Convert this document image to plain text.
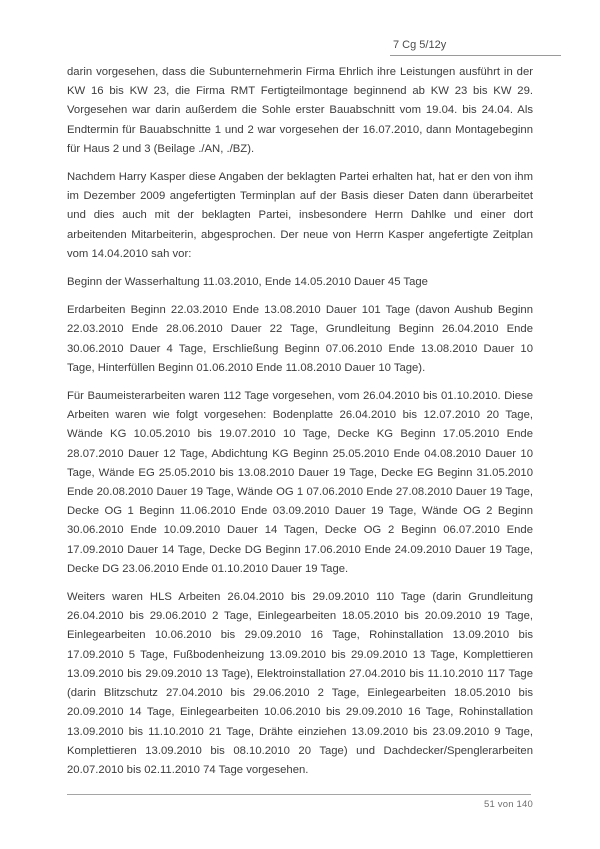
7 Cg 5/12y

darin vorgesehen, dass die Subunternehmerin Firma Ehrlich ihre Leistungen ausführt in der KW 16 bis KW 23, die Firma RMT Fertigteilmontage beginnend ab KW 23 bis KW 29. Vorgesehen war darin außerdem die Sohle erster Bauabschnitt vom 19.04. bis 24.04. Als Endtermin für Bauabschnitte 1 und 2 war vorgesehen der 16.07.2010, dann Montagebeginn für Haus 2 und 3 (Beilage ./AN, ./BZ).

Nachdem Harry Kasper diese Angaben der beklagten Partei erhalten hat, hat er den von ihm im Dezember 2009 angefertigten Terminplan auf der Basis dieser Daten dann überarbeitet und dies auch mit der beklagten Partei, insbesondere Herrn Dahlke und einer dort arbeitenden Mitarbeiterin, abgesprochen. Der neue von Herrn Kasper angefertigte Zeitplan vom 14.04.2010 sah vor:

Beginn der Wasserhaltung 11.03.2010, Ende 14.05.2010 Dauer 45 Tage

Erdarbeiten Beginn 22.03.2010 Ende 13.08.2010 Dauer 101 Tage (davon Aushub Beginn 22.03.2010 Ende 28.06.2010 Dauer 22 Tage, Grundleitung Beginn 26.04.2010 Ende 30.06.2010 Dauer 4 Tage, Erschließung Beginn 07.06.2010 Ende 13.08.2010 Dauer 10 Tage, Hinterfüllen Beginn 01.06.2010 Ende 11.08.2010 Dauer 10 Tage).

Für Baumeisterarbeiten waren 112 Tage vorgesehen, vom 26.04.2010 bis 01.10.2010. Diese Arbeiten waren wie folgt vorgesehen: Bodenplatte 26.04.2010 bis 12.07.2010 20 Tage, Wände KG 10.05.2010 bis 19.07.2010 10 Tage, Decke KG Beginn 17.05.2010 Ende 28.07.2010 Dauer 12 Tage, Abdichtung KG Beginn 25.05.2010 Ende 04.08.2010 Dauer 10 Tage, Wände EG 25.05.2010 bis 13.08.2010 Dauer 19 Tage, Decke EG Beginn 31.05.2010 Ende 20.08.2010 Dauer 19 Tage, Wände OG 1 07.06.2010 Ende 27.08.2010 Dauer 19 Tage, Decke OG 1 Beginn 11.06.2010 Ende 03.09.2010 Dauer 19 Tage, Wände OG 2 Beginn 30.06.2010 Ende 10.09.2010 Dauer 14 Tagen, Decke OG 2 Beginn 06.07.2010 Ende 17.09.2010 Dauer 14 Tage, Decke DG Beginn 17.06.2010 Ende 24.09.2010 Dauer 19 Tage, Decke DG 23.06.2010 Ende 01.10.2010 Dauer 19 Tage.

Weiters waren HLS Arbeiten 26.04.2010 bis 29.09.2010 110 Tage (darin Grundleitung 26.04.2010 bis 29.06.2010 2 Tage, Einlegearbeiten 18.05.2010 bis 20.09.2010 19 Tage, Einlegearbeiten 10.06.2010 bis 29.09.2010 16 Tage, Rohinstallation 13.09.2010 bis 17.09.2010 5 Tage, Fußbodenheizung 13.09.2010 bis 29.09.2010 13 Tage, Komplettieren 13.09.2010 bis 29.09.2010 13 Tage), Elektroinstallation 27.04.2010 bis 11.10.2010 117 Tage (darin Blitzschutz 27.04.2010 bis 29.06.2010 2 Tage, Einlegearbeiten 18.05.2010 bis 20.09.2010 14 Tage, Einlegearbeiten 10.06.2010 bis 29.09.2010 16 Tage, Rohinstallation 13.09.2010 bis 11.10.2010 21 Tage, Drähte einziehen 13.09.2010 bis 23.09.2010 9 Tage, Komplettieren 13.09.2010 bis 08.10.2010 20 Tage) und Dachdecker/Spenglerarbeiten 20.07.2010 bis 02.11.2010 74 Tage vorgesehen.

51 von 140
